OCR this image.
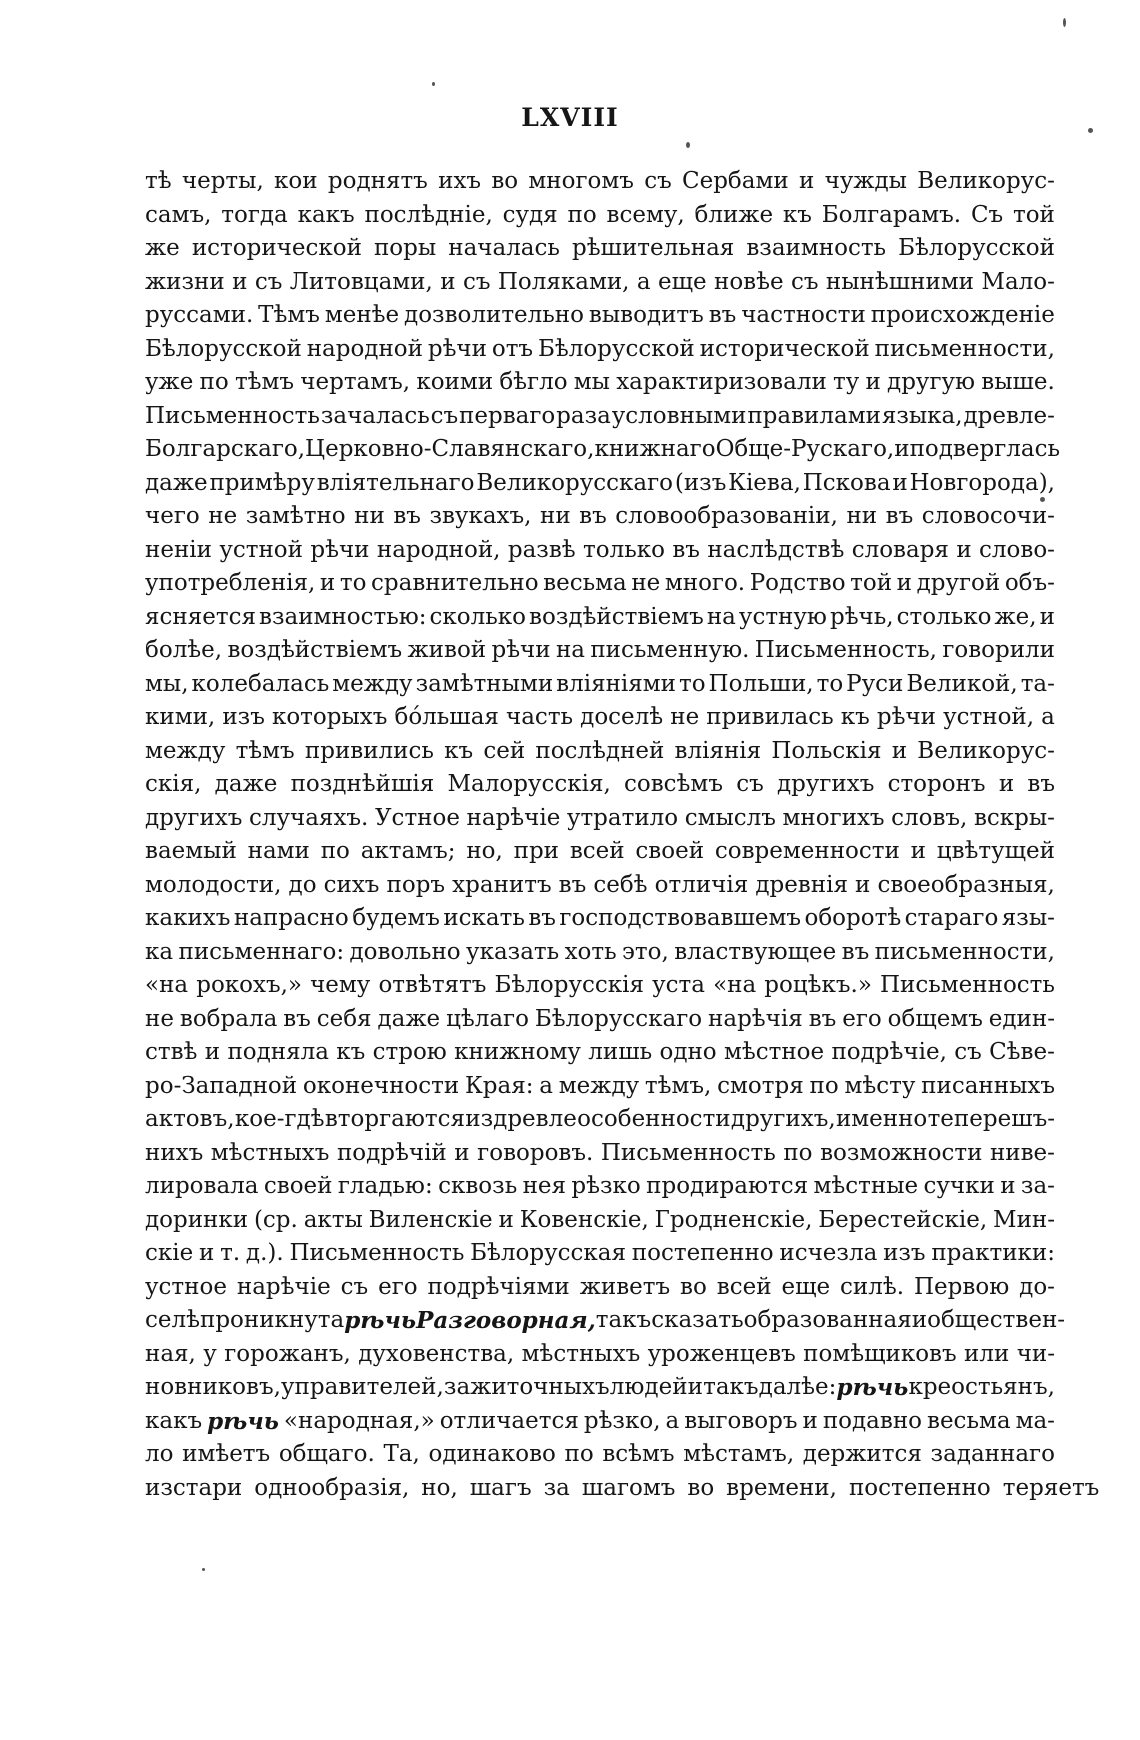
LXVIII
тѣ черты, кои роднятъ ихъ во многомъ съ Сербами и чужды Великорус-
самъ, тогда какъ послѣдніе, судя по всему, ближе къ Болгарамъ. Съ той
же исторической поры началась рѣшительная взаимность Бѣлорусской
жизни и съ Литовцами, и съ Поляками, а еще новѣе съ нынѣшними Мало-
руссами. Тѣмъ менѣе дозволительно выводитъ въ частности происхожденіе
Бѣлорусской народной рѣчи отъ Бѣлорусской исторической письменности,
уже по тѣмъ чертамъ, коими бѣгло мы характиризовали ту и другую выше.
Письменность зачалась съ перваго раза условными правилами языка, древле-
Болгарскаго, Церковно-Славянскаго, книжнаго Обще-Рускаго, и подверглась
даже примѣру вліятельнаго Великорусскаго (изъ Кіева, Пскова и Новгорода),
чего не замѣтно ни въ звукахъ, ни въ словообразованіи, ни въ словосочи-
неніи устной рѣчи народной, развѣ только въ наслѣдствѣ словаря и слово-
употребленія, и то сравнительно весьма не много. Родство той и другой объ-
ясняется взаимностью: сколько воздѣйствіемъ на устную рѣчь, столько же, и
болѣе, воздѣйствіемъ живой рѣчи на письменную. Письменность, говорили
мы, колебалась между замѣтными вліяніями то Польши, то Руси Великой, та-
кими, изъ которыхъ бо́льшая часть доселѣ не привилась къ рѣчи устной, а
между тѣмъ привились къ сей послѣдней вліянія Польскія и Великорус-
скія, даже позднѣйшія Малорусскія, совсѣмъ съ другихъ сторонъ и въ
другихъ случаяхъ. Устное нарѣчіе утратило смыслъ многихъ словъ, вскры-
ваемый нами по актамъ; но, при всей своей современности и цвѣтущей
молодости, до сихъ поръ хранитъ въ себѣ отличія древнія и своеобразныя,
какихъ напрасно будемъ искать въ господствовавшемъ оборотѣ стараго язы-
ка письменнаго: довольно указать хоть это, властвующее въ письменности,
«на рокохъ,» чему отвѣтятъ Бѣлорусскія уста «на роцѣкъ.» Письменность
не вобрала въ себя даже цѣлаго Бѣлорусскаго нарѣчія въ его общемъ един-
ствѣ и подняла къ строю книжному лишь одно мѣстное подрѣчіе, съ Сѣве-
ро-Западной оконечности Края: а между тѣмъ, смотря по мѣсту писанныхъ
актовъ, кое-гдѣ вторгаются издревле особенности другихъ, именно теперешъ-
нихъ мѣстныхъ подрѣчій и говоровъ. Письменность по возможности ниве-
лировала своей гладью: сквозь нея рѣзко продираются мѣстные сучки и за-
доринки (ср. акты Виленскіе и Ковенскіе, Гродненскіе, Берестейскіе, Мин-
скіе и т. д.). Письменность Бѣлорусская постепенно исчезла изъ практики:
устное нарѣчіе съ его подрѣчіями живетъ во всей еще силѣ. Первою до-
селѣ проникнута рѣчь Разговорная, такъ сказать образованная и обществен-
ная, у горожанъ, духовенства, мѣстныхъ уроженцевъ помѣщиковъ или чи-
новниковъ, управителей, зажиточныхъ людей и такъ далѣе: рѣчь креостьянъ,
какъ рѣчь «народная,» отличается рѣзко, а выговоръ и подавно весьма ма-
ло имѣетъ общаго. Та, одинаково по всѣмъ мѣстамъ, держится заданнаго
изстари однообразія, но, шагъ за шагомъ во времени, постепенно теряетъ
